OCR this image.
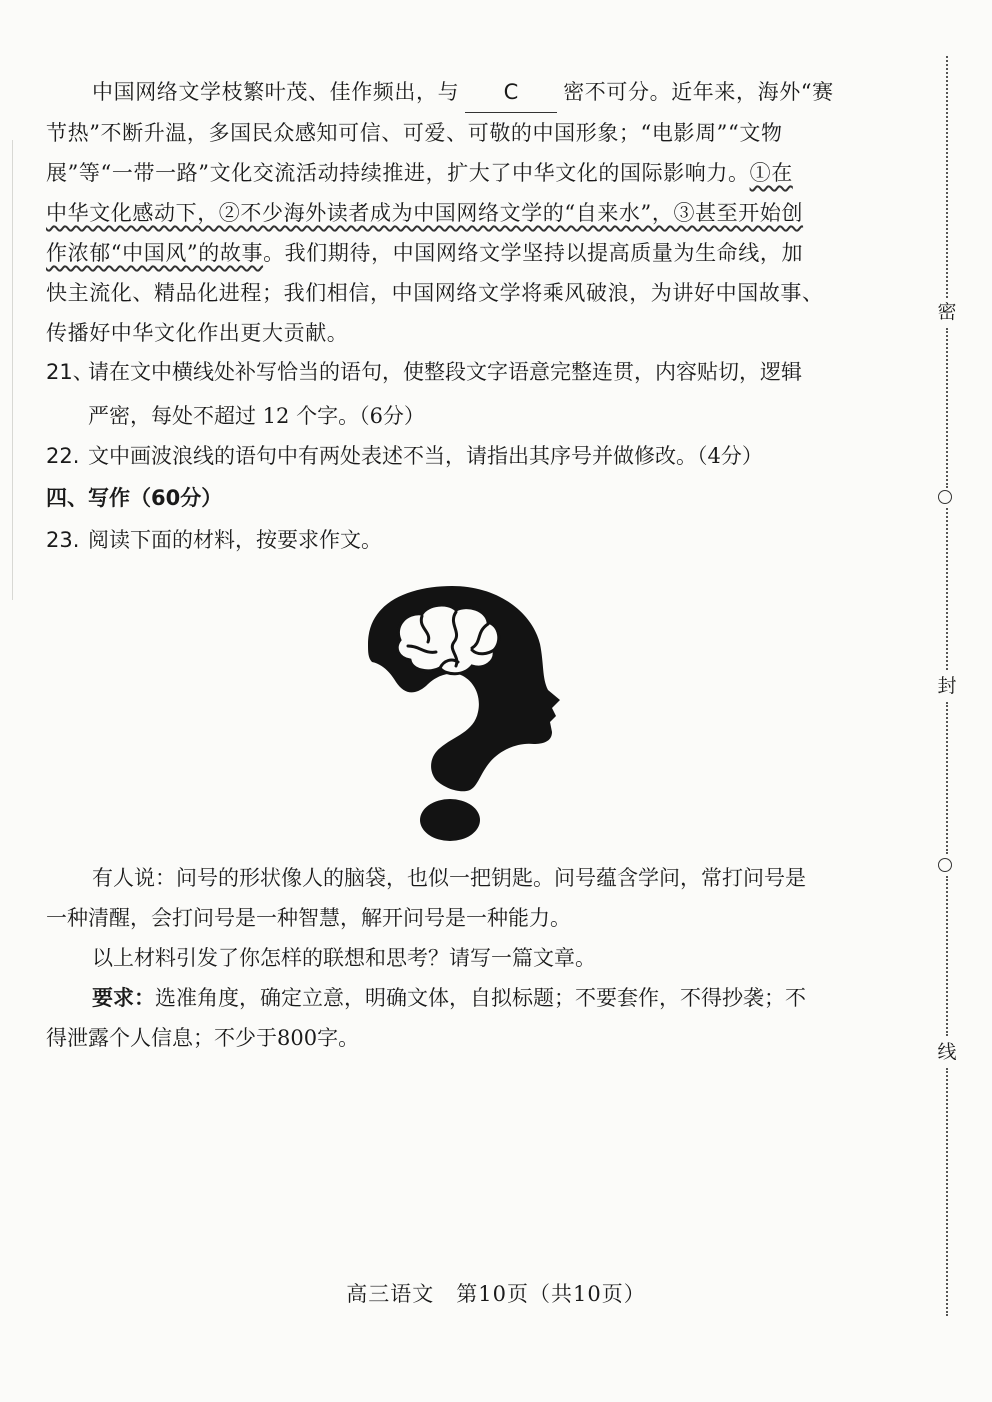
中国网络文学枝繁叶茂、佳作频出，与 C 密不可分。近年来，海外“赛
节热”不断升温，多国民众感知可信、可爱、可敬的中国形象；“电影周”“文物
展”等“一带一路”文化交流活动持续推进，扩大了中华文化的国际影响力。①在
中华文化感动下，②不少海外读者成为中国网络文学的“自来水”，③甚至开始创
作浓郁“中国风”的故事。我们期待，中国网络文学坚持以提高质量为生命线，加
快主流化、精品化进程；我们相信，中国网络文学将乘风破浪，为讲好中国故事、
传播好中华文化作出更大贡献。
21、请在文中横线处补写恰当的语句，使整段文字语意完整连贯，内容贴切，逻辑
严密，每处不超过 12 个字。（6分）
22. 文中画波浪线的语句中有两处表述不当，请指出其序号并做修改。（4分）
四、写作（60分）
23. 阅读下面的材料，按要求作文。
有人说：问号的形状像人的脑袋，也似一把钥匙。问号蕴含学问，常打问号是
一种清醒，会打问号是一种智慧，解开问号是一种能力。
以上材料引发了你怎样的联想和思考？请写一篇文章。
要求：选准角度，确定立意，明确文体，自拟标题；不要套作，不得抄袭；不
得泄露个人信息；不少于800字。
高三语文　第10页（共10页）
密
封
线
